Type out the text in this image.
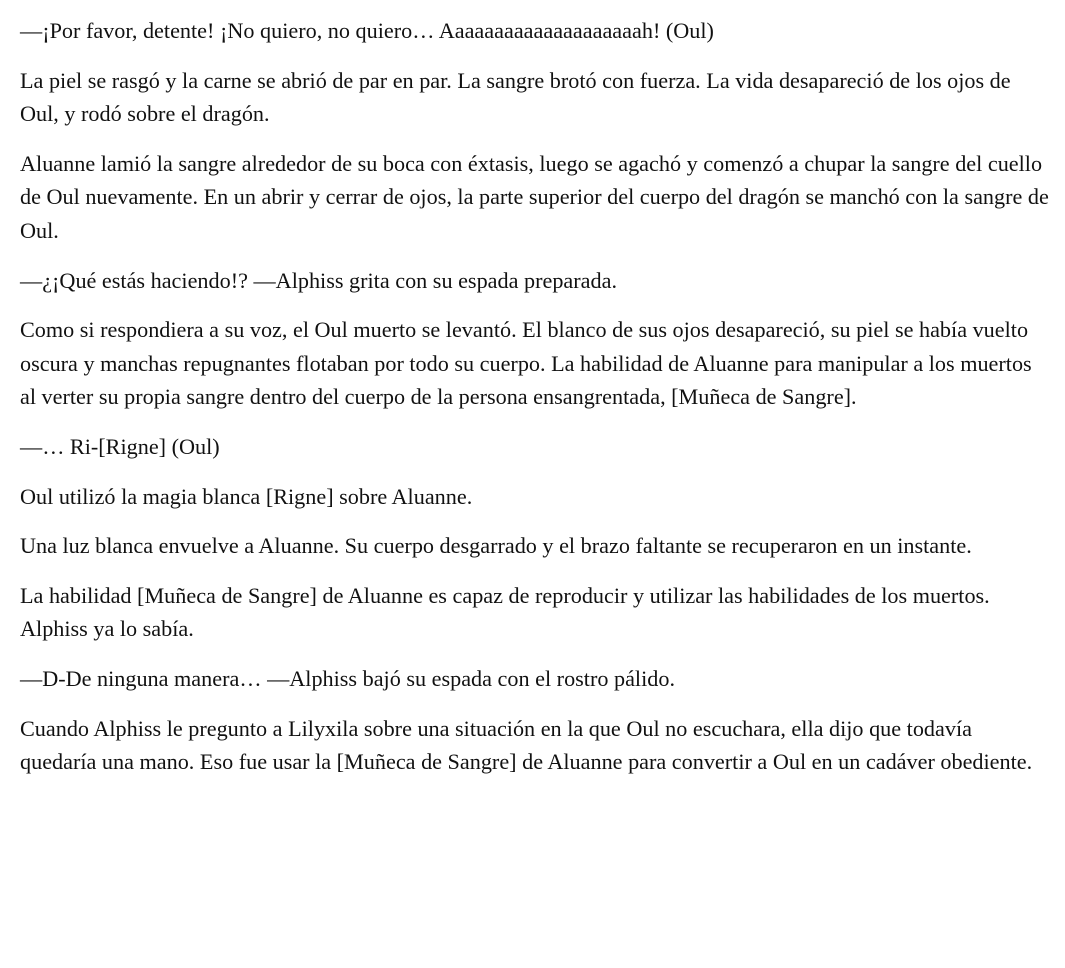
—¡Por favor, detente! ¡No quiero, no quiero… Aaaaaaaaaaaaaaaaaaaah! (Oul)

La piel se rasgó y la carne se abrió de par en par. La sangre brotó con fuerza. La vida desapareció de los ojos de Oul, y rodó sobre el dragón.

Aluanne lamió la sangre alrededor de su boca con éxtasis, luego se agachó y comenzó a chupar la sangre del cuello de Oul nuevamente. En un abrir y cerrar de ojos, la parte superior del cuerpo del dragón se manchó con la sangre de Oul.

—¿¡Qué estás haciendo!? —Alphiss grita con su espada preparada.

Como si respondiera a su voz, el Oul muerto se levantó. El blanco de sus ojos desapareció, su piel se había vuelto oscura y manchas repugnantes flotaban por todo su cuerpo. La habilidad de Aluanne para manipular a los muertos al verter su propia sangre dentro del cuerpo de la persona ensangrentada, [Muñeca de Sangre].

—… Ri-[Rigne] (Oul)

Oul utilizó la magia blanca [Rigne] sobre Aluanne.

Una luz blanca envuelve a Aluanne. Su cuerpo desgarrado y el brazo faltante se recuperaron en un instante.

La habilidad [Muñeca de Sangre] de Aluanne es capaz de reproducir y utilizar las habilidades de los muertos. Alphiss ya lo sabía.

—D-De ninguna manera… —Alphiss bajó su espada con el rostro pálido.

Cuando Alphiss le pregunto a Lilyxila sobre una situación en la que Oul no escuchara, ella dijo que todavía quedaría una mano. Eso fue usar la [Muñeca de Sangre] de Aluanne para convertir a Oul en un cadáver obediente.
